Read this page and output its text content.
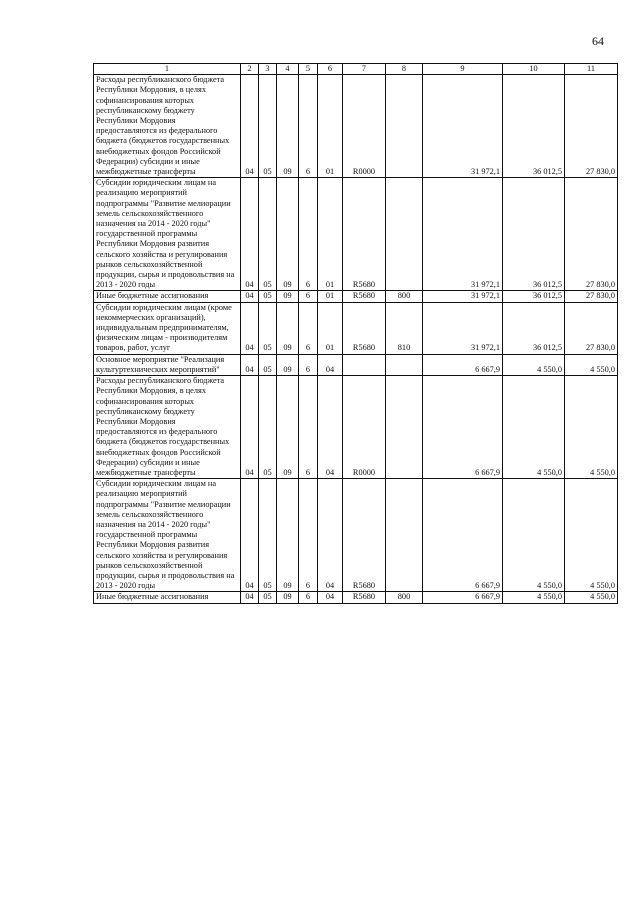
64
1	2	3	4	5	6	7	8	9	10	11
Расходы республиканского бюджета Республики Мордовия, в целях софинансирования которых республиканскому бюджету Республики Мордовия предоставляются из федерального бюджета (бюджетов государственных внебюджетных фондов Российской Федерации) субсидии и иные межбюджетные трансферты	04	05	09	6	01	R0000		31 972,1	36 012,5	27 830,0
Субсидии юридическим лицам на реализацию мероприятий подпрограммы "Развитие мелиорации земель сельскохозяйственного назначения на 2014 - 2020 годы" государственной программы Республики Мордовия развития сельского хозяйства и регулирования рынков сельскохозяйственной продукции, сырья и продовольствия на 2013 - 2020 годы	04	05	09	6	01	R5680		31 972,1	36 012,5	27 830,0
Иные бюджетные ассигнования	04	05	09	6	01	R5680	800	31 972,1	36 012,5	27 830,0
Субсидии юридическим лицам (кроме некоммерческих организаций), индивидуальным предпринимателям, физическим лицам - производителям товаров, работ, услуг	04	05	09	6	01	R5680	810	31 972,1	36 012,5	27 830,0
Основное мероприятие "Реализация культуртехнических мероприятий"	04	05	09	6	04			6 667,9	4 550,0	4 550,0
Расходы республиканского бюджета Республики Мордовия, в целях софинансирования которых республиканскому бюджету Республики Мордовия предоставляются из федерального бюджета (бюджетов государственных внебюджетных фондов Российской Федерации) субсидии и иные межбюджетные трансферты	04	05	09	6	04	R0000		6 667,9	4 550,0	4 550,0
Субсидии юридическим лицам на реализацию мероприятий подпрограммы "Развитие мелиорации земель сельскохозяйственного назначения на 2014 - 2020 годы" государственной программы Республики Мордовия развития сельского хозяйства и регулирования рынков сельскохозяйственной продукции, сырья и продовольствия на 2013 - 2020 годы	04	05	09	6	04	R5680		6 667,9	4 550,0	4 550,0
Иные бюджетные ассигнования	04	05	09	6	04	R5680	800	6 667,9	4 550,0	4 550,0
